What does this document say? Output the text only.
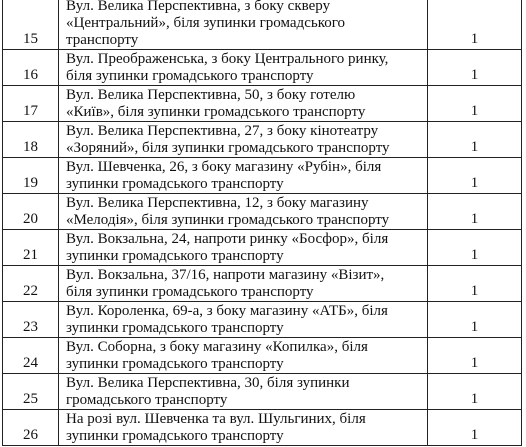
15	Вул. Велика Перспективна, з боку скверу
«Центральний», біля зупинки громадського
транспорту	1
16	Вул. Преображенська, з боку Центрального ринку,
біля зупинки громадського транспорту	1
17	Вул. Велика Перспективна, 50, з боку готелю
«Київ», біля зупинки громадського транспорту	1
18	Вул. Велика Перспективна, 27, з боку кінотеатру
«Зоряний», біля зупинки громадського транспорту	1
19	Вул. Шевченка, 26, з боку магазину «Рубін», біля
зупинки громадського транспорту	1
20	Вул. Велика Перспективна, 12, з боку магазину
«Мелодія», біля зупинки громадського транспорту	1
21	Вул. Вокзальна, 24, напроти ринку «Босфор», біля
зупинки громадського транспорту	1
22	Вул. Вокзальна, 37/16, напроти магазину «Візит»,
біля зупинки громадського транспорту	1
23	Вул. Короленка, 69-а, з боку магазину «АТБ», біля
зупинки громадського транспорту	1
24	Вул. Соборна, з боку магазину «Копилка», біля
зупинки громадського транспорту	1
25	Вул. Велика Перспективна, 30, біля зупинки
громадського транспорту	1
26	На розі вул. Шевченка та вул. Шульгиних, біля
зупинки громадського транспорту	1
